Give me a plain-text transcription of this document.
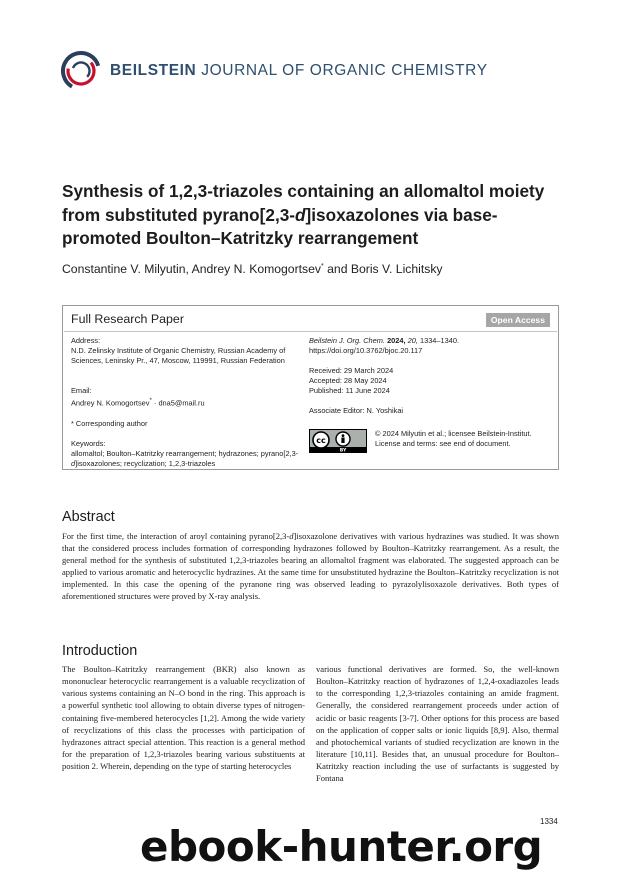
BEILSTEIN JOURNAL OF ORGANIC CHEMISTRY
Synthesis of 1,2,3-triazoles containing an allomaltol moiety from substituted pyrano[2,3-d]isoxazolones via base-promoted Boulton–Katritzky rearrangement
Constantine V. Milyutin, Andrey N. Komogortsev* and Boris V. Lichitsky
Full Research Paper	Open Access

Address:

N.D. Zelinsky Institute of Organic Chemistry, Russian Academy of Sciences, Leninsky Pr., 47, Moscow, 119991, Russian Federation

Email:

Andrey N. Komogortsev* · dna5@mail.ru

* Corresponding author

Keywords:

allomaltol; Boulton–Katritzky rearrangement; hydrazones; pyrano[2,3-d]isoxazolones; recyclization; 1,2,3-triazoles

Beilstein J. Org. Chem. 2024, 20, 1334–1340.

https://doi.org/10.3762/bjoc.20.117

Received: 29 March 2024

Accepted: 28 May 2024

Published: 11 June 2024

Associate Editor: N. Yoshikai

cc
BY

© 2024 Milyutin et al.; licensee Beilstein-Institut.

License and terms: see end of document.

Abstract

For the first time, the interaction of aroyl containing pyrano[2,3-d]isoxazolone derivatives with various hydrazines was studied. It was shown that the considered process includes formation of corresponding hydrazones followed by Boulton–Katritzky rearrangement. As a result, the general method for the synthesis of substituted 1,2,3-triazoles bearing an allomaltol fragment was elaborated. The suggested approach can be applied to various aromatic and heterocyclic hydrazines. At the same time for unsubstituted hydrazine the Boulton–Katritzky recyclization is not implemented. In this case the opening of the pyranone ring was observed leading to pyrazolylisoxazole derivatives. Both types of aforementioned structures were proved by X-ray analysis.

Introduction

The Boulton–Katritzky rearrangement (BKR) also known as mononuclear heterocyclic rearrangement is a valuable recyclization of various systems containing an N–O bond in the ring. This approach is a powerful synthetic tool allowing to obtain diverse types of nitrogen-containing five-membered heterocycles [1,2]. Among the wide variety of recyclizations of this class the processes with participation of hydrazones attract special attention. This reaction is a general method for the preparation of 1,2,3-triazoles bearing various substituents at position 2. Wherein, depending on the type of starting heterocycles

various functional derivatives are formed. So, the well-known Boulton–Katritzky reaction of hydrazones of 1,2,4-oxadiazoles leads to the corresponding 1,2,3-triazoles containing an amide fragment. Generally, the considered rearrangement proceeds under action of acidic or basic reagents [3-7]. Other options for this process are based on the application of copper salts or ionic liquids [8,9]. Also, thermal and photochemical variants of studied recyclization are known in the literature [10,11]. Besides that, an unusual procedure for Boulton–Katritzky reaction including the use of surfactants is suggested by Fontana

1334
ebook-hunter.org
